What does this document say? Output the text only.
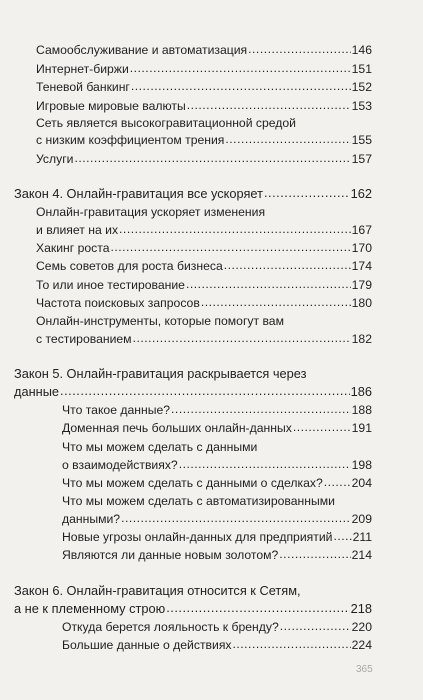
Самообслуживание и автоматизация .....	146
Интернет-биржи .....	151
Теневой банкинг .....	152
Игровые мировые валюты .....	153
Сеть является высокогравитационной средой
с низким коэффициентом трения .....	155
Услуги .....	157
Закон 4. Онлайн-гравитация все ускоряет .....	162
Онлайн-гравитация ускоряет изменения
и влияет на их .....	167
Хакинг роста .....	170
Семь советов для роста бизнеса .....	174
То или иное тестирование .....	179
Частота поисковых запросов .....	180
Онлайн-инструменты, которые помогут вам
с тестированием .....	182
Закон 5. Онлайн-гравитация раскрывается через
данные .....	186
Что такое данные? .....	188
Доменная печь больших онлайн-данных .....	191
Что мы можем сделать с данными
о взаимодействиях? .....	198
Что мы можем сделать с данными о сделках? ..... 204
Что мы можем сделать с автоматизированными
данными? .....	209
Новые угрозы онлайн-данных для предприятий ..... 211
Являются ли данные новым золотом? .....	214
Закон 6. Онлайн-гравитация относится к Сетям,
а не к племенному строю .....	218
Откуда берется лояльность к бренду? .....	220
Большие данные о действиях .....	224
365
